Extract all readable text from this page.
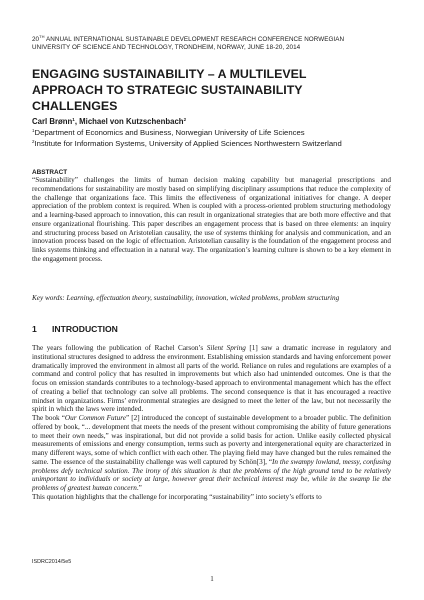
20TH ANNUAL INTERNATIONAL SUSTAINABLE DEVELOPMENT RESEARCH CONFERENCE NORWEGIAN
UNIVERSITY OF SCIENCE AND TECHNOLOGY, TRONDHEIM, NORWAY, JUNE 18-20, 2014
ENGAGING SUSTAINABILITY – A MULTILEVEL
APPROACH TO STRATEGIC SUSTAINABILITY
CHALLENGES
Carl Brønn$^1$, Michael von Kutzschenbach$^2$
$^1$Department of Economics and Business, Norwegian University of Life Sciences
$^2$Institute for Information Systems, University of Applied Sciences Northwestern Switzerland
ABSTRACT

“Sustainability” challenges the limits of human decision making capability but managerial prescriptions and recommendations for sustainability are mostly based on simplifying disciplinary assumptions that reduce the complexity of the challenge that organizations face. This limits the effectiveness of organizational initiatives for change. A deeper appreciation of the problem context is required. When is coupled with a process-oriented problem structuring methodology and a learning-based approach to innovation, this can result in organizational strategies that are both more effective and that ensure organizational flourishing. This paper describes an engagement process that is based on three elements: an inquiry and structuring process based on Aristotelian causality, the use of systems thinking for analysis and communication, and an innovation process based on the logic of effectuation. Aristotelian causality is the foundation of the engagement process and links systems thinking and effectuation in a natural way. The organization’s learning culture is shown to be a key element in the engagement process.

Key words: Learning, effectuation theory, sustainability, innovation, wicked problems, problem structuring

1 INTRODUCTION

The years following the publication of Rachel Carson’s Silent Spring [1] saw a dramatic increase in regulatory and institutional structures designed to address the environment. Establishing emission standards and having enforcement power dramatically improved the environment in almost all parts of the world. Reliance on rules and regulations are examples of a command and control policy that has resulted in improvements but which also had unintended outcomes. One is that the focus on emission standards contributes to a technology-based approach to environmental management which has the effect of creating a belief that technology can solve all problems. The second consequence is that it has encouraged a reactive mindset in organizations. Firms’ environmental strategies are designed to meet the letter of the law, but not necessarily the spirit in which the laws were intended.

The book “Our Common Future” [2] introduced the concept of sustainable development to a broader public. The definition offered by book, “... development that meets the needs of the present without compromising the ability of future generations to meet their own needs,” was inspirational, but did not provide a solid basis for action. Unlike easily collected physical measurements of emissions and energy consumption, terms such as poverty and intergenerational equity are characterized in many different ways, some of which conflict with each other. The playing field may have changed but the rules remained the same. The essence of the sustainability challenge was well captured by Schön[3], “In the swampy lowland, messy, confusing problems defy technical solution. The irony of this situation is that the problems of the high ground tend to be relatively unimportant to individuals or society at large, however great their technical interest may be, while in the swamp lie the problems of greatest human concern.”

This quotation highlights that the challenge for incorporating “sustainability” into society’s efforts to

ISDRC2014/5e5
1
